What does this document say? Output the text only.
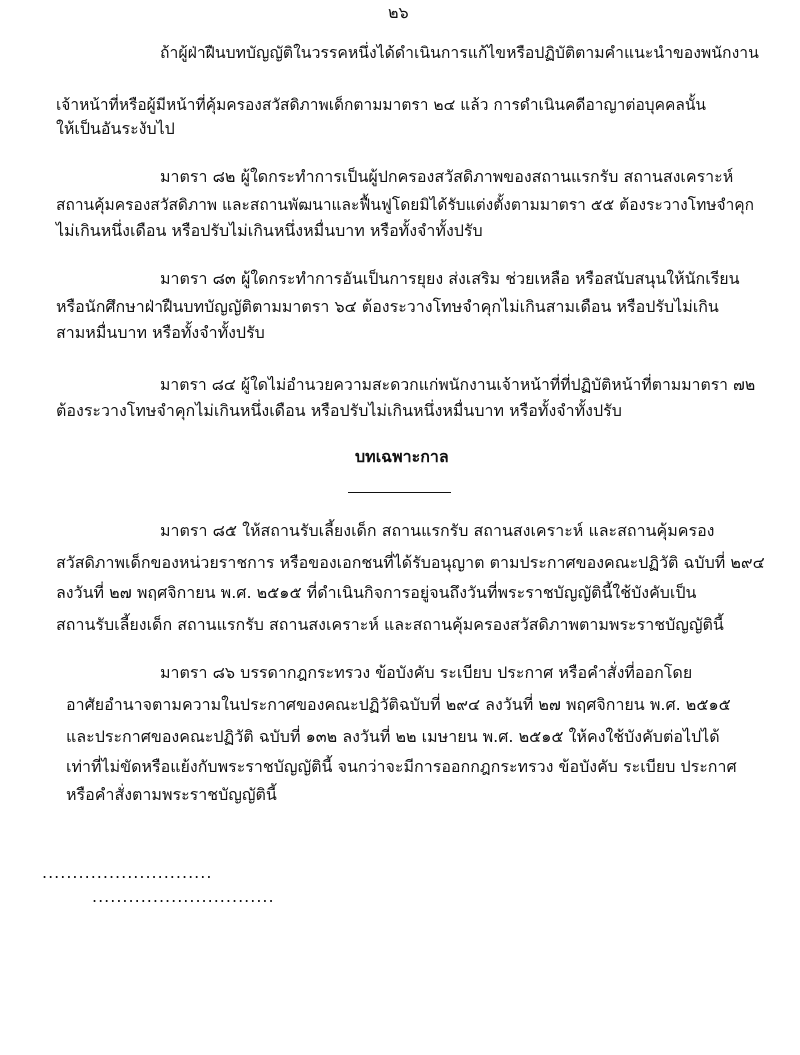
๒๖
ถ้าผู้ฝ่าฝืนบทบัญญัติในวรรคหนึ่งได้ดำเนินการแก้ไขหรือปฏิบัติตามคำแนะนำของพนักงาน
เจ้าหน้าที่หรือผู้มีหน้าที่คุ้มครองสวัสดิภาพเด็กตามมาตรา ๒๔ แล้ว การดำเนินคดีอาญาต่อบุคคลนั้น
ให้เป็นอันระงับไป
มาตรา ๘๒ ผู้ใดกระทำการเป็นผู้ปกครองสวัสดิภาพของสถานแรกรับ สถานสงเคราะห์
สถานคุ้มครองสวัสดิภาพ และสถานพัฒนาและฟื้นฟูโดยมิได้รับแต่งตั้งตามมาตรา ๕๕ ต้องระวางโทษจำคุก
ไม่เกินหนึ่งเดือน หรือปรับไม่เกินหนึ่งหมื่นบาท หรือทั้งจำทั้งปรับ
มาตรา ๘๓ ผู้ใดกระทำการอันเป็นการยุยง ส่งเสริม ช่วยเหลือ หรือสนับสนุนให้นักเรียน
หรือนักศึกษาฝ่าฝืนบทบัญญัติตามมาตรา ๖๔ ต้องระวางโทษจำคุกไม่เกินสามเดือน หรือปรับไม่เกิน
สามหมื่นบาท หรือทั้งจำทั้งปรับ
มาตรา ๘๔ ผู้ใดไม่อำนวยความสะดวกแก่พนักงานเจ้าหน้าที่ที่ปฏิบัติหน้าที่ตามมาตรา ๗๒
ต้องระวางโทษจำคุกไม่เกินหนึ่งเดือน หรือปรับไม่เกินหนึ่งหมื่นบาท หรือทั้งจำทั้งปรับ
บทเฉพาะกาล
มาตรา ๘๕ ให้สถานรับเลี้ยงเด็ก สถานแรกรับ สถานสงเคราะห์ และสถานคุ้มครอง
สวัสดิภาพเด็กของหน่วยราชการ หรือของเอกชนที่ได้รับอนุญาต ตามประกาศของคณะปฏิวัติ ฉบับที่ ๒๙๔
ลงวันที่ ๒๗ พฤศจิกายน พ.ศ. ๒๕๑๕ ที่ดำเนินกิจการอยู่จนถึงวันที่พระราชบัญญัตินี้ใช้บังคับเป็น
สถานรับเลี้ยงเด็ก สถานแรกรับ สถานสงเคราะห์ และสถานคุ้มครองสวัสดิภาพตามพระราชบัญญัตินี้
มาตรา ๘๖ บรรดากฎกระทรวง ข้อบังคับ ระเบียบ ประกาศ หรือคำสั่งที่ออกโดย
อาศัยอำนาจตามความในประกาศของคณะปฏิวัติฉบับที่ ๒๙๔ ลงวันที่ ๒๗ พฤศจิกายน พ.ศ. ๒๕๑๕
และประกาศของคณะปฏิวัติ ฉบับที่ ๑๓๒ ลงวันที่ ๒๒ เมษายน พ.ศ. ๒๕๑๕ ให้คงใช้บังคับต่อไปได้
เท่าที่ไม่ขัดหรือแย้งกับพระราชบัญญัตินี้ จนกว่าจะมีการออกกฎกระทรวง ข้อบังคับ ระเบียบ ประกาศ
หรือคำสั่งตามพระราชบัญญัตินี้
............................
..............................
